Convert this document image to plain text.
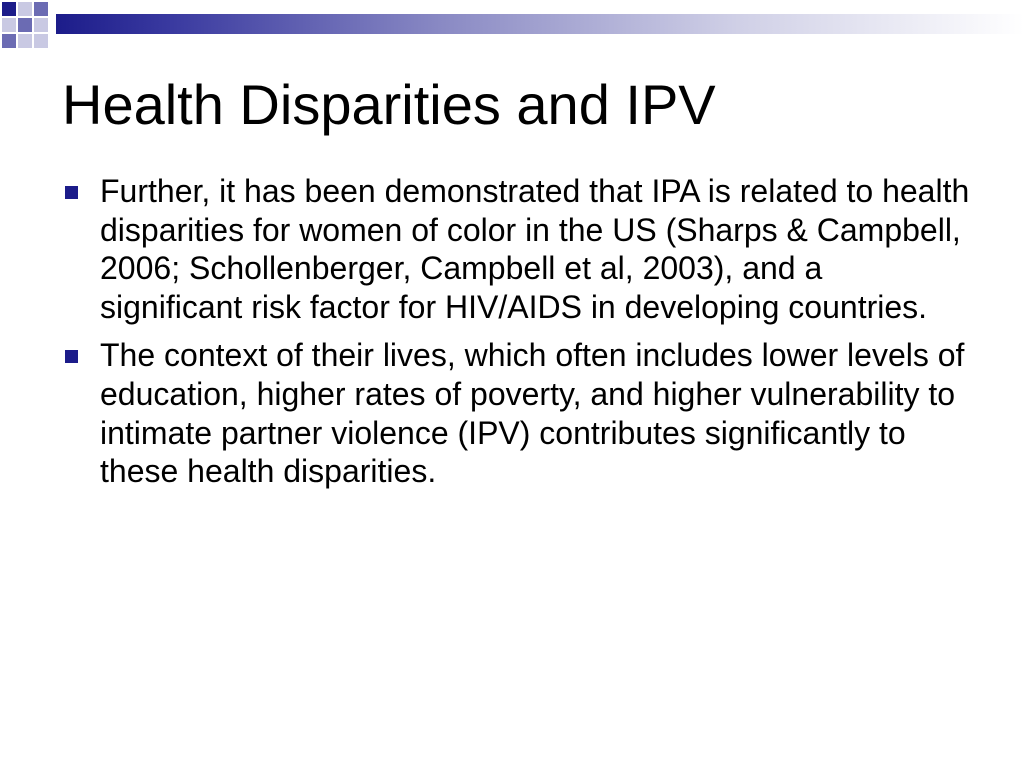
Health Disparities and IPV
Further, it has been demonstrated that IPA is related to health disparities for women of color in the US (Sharps & Campbell, 2006; Schollenberger, Campbell et al, 2003), and a significant risk factor for HIV/AIDS in developing countries.
The context of their lives, which often includes lower levels of education, higher rates of poverty, and higher vulnerability to intimate partner violence (IPV) contributes significantly to these health disparities.
